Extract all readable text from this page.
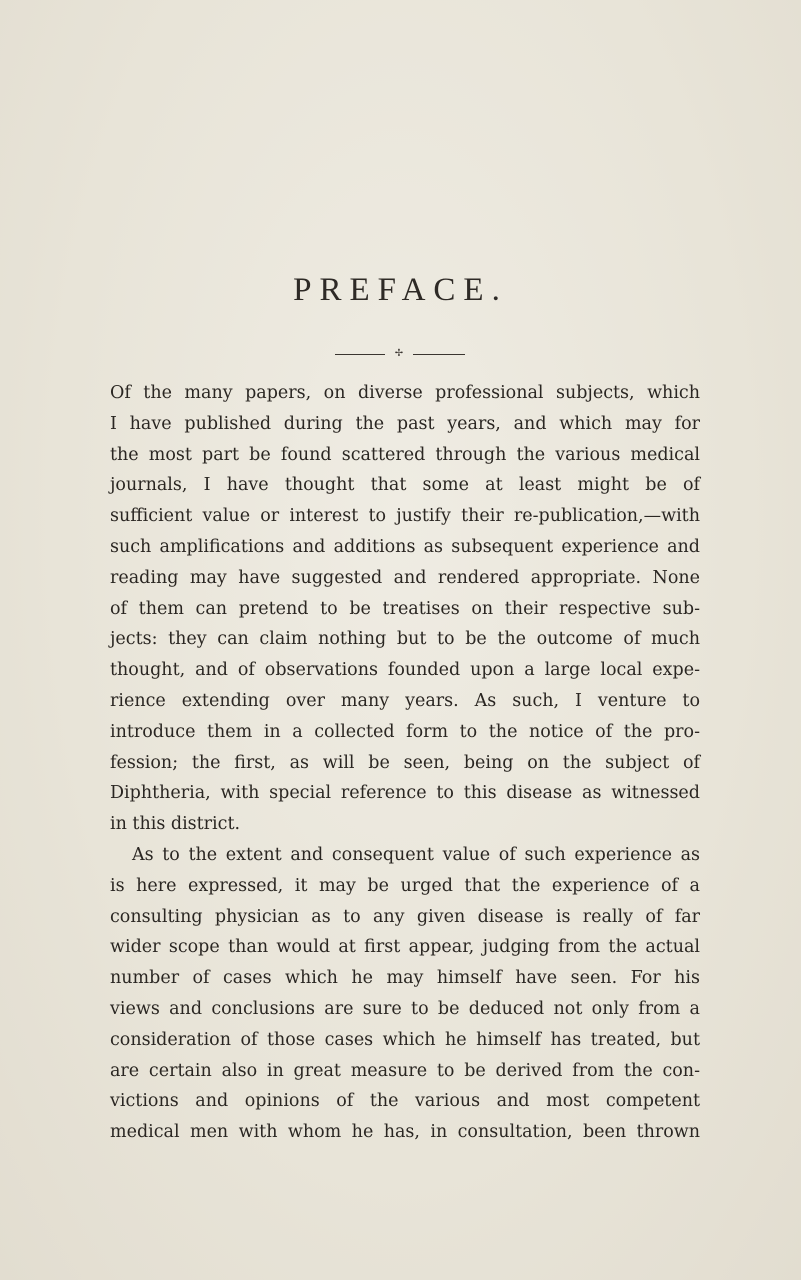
PREFACE.
✢
Of the many papers, on diverse professional subjects, which
I have published during the past years, and which may for
the most part be found scattered through the various medical
journals, I have thought that some at least might be of
sufficient value or interest to justify their re-publication,—with
such amplifications and additions as subsequent experience and
reading may have suggested and rendered appropriate. None
of them can pretend to be treatises on their respective sub-
jects: they can claim nothing but to be the outcome of much
thought, and of observations founded upon a large local expe-
rience extending over many years. As such, I venture to
introduce them in a collected form to the notice of the pro-
fession; the first, as will be seen, being on the subject of
Diphtheria, with special reference to this disease as witnessed
in this district.
As to the extent and consequent value of such experience as
is here expressed, it may be urged that the experience of a
consulting physician as to any given disease is really of far
wider scope than would at first appear, judging from the actual
number of cases which he may himself have seen. For his
views and conclusions are sure to be deduced not only from a
consideration of those cases which he himself has treated, but
are certain also in great measure to be derived from the con-
victions and opinions of the various and most competent
medical men with whom he has, in consultation, been thrown
